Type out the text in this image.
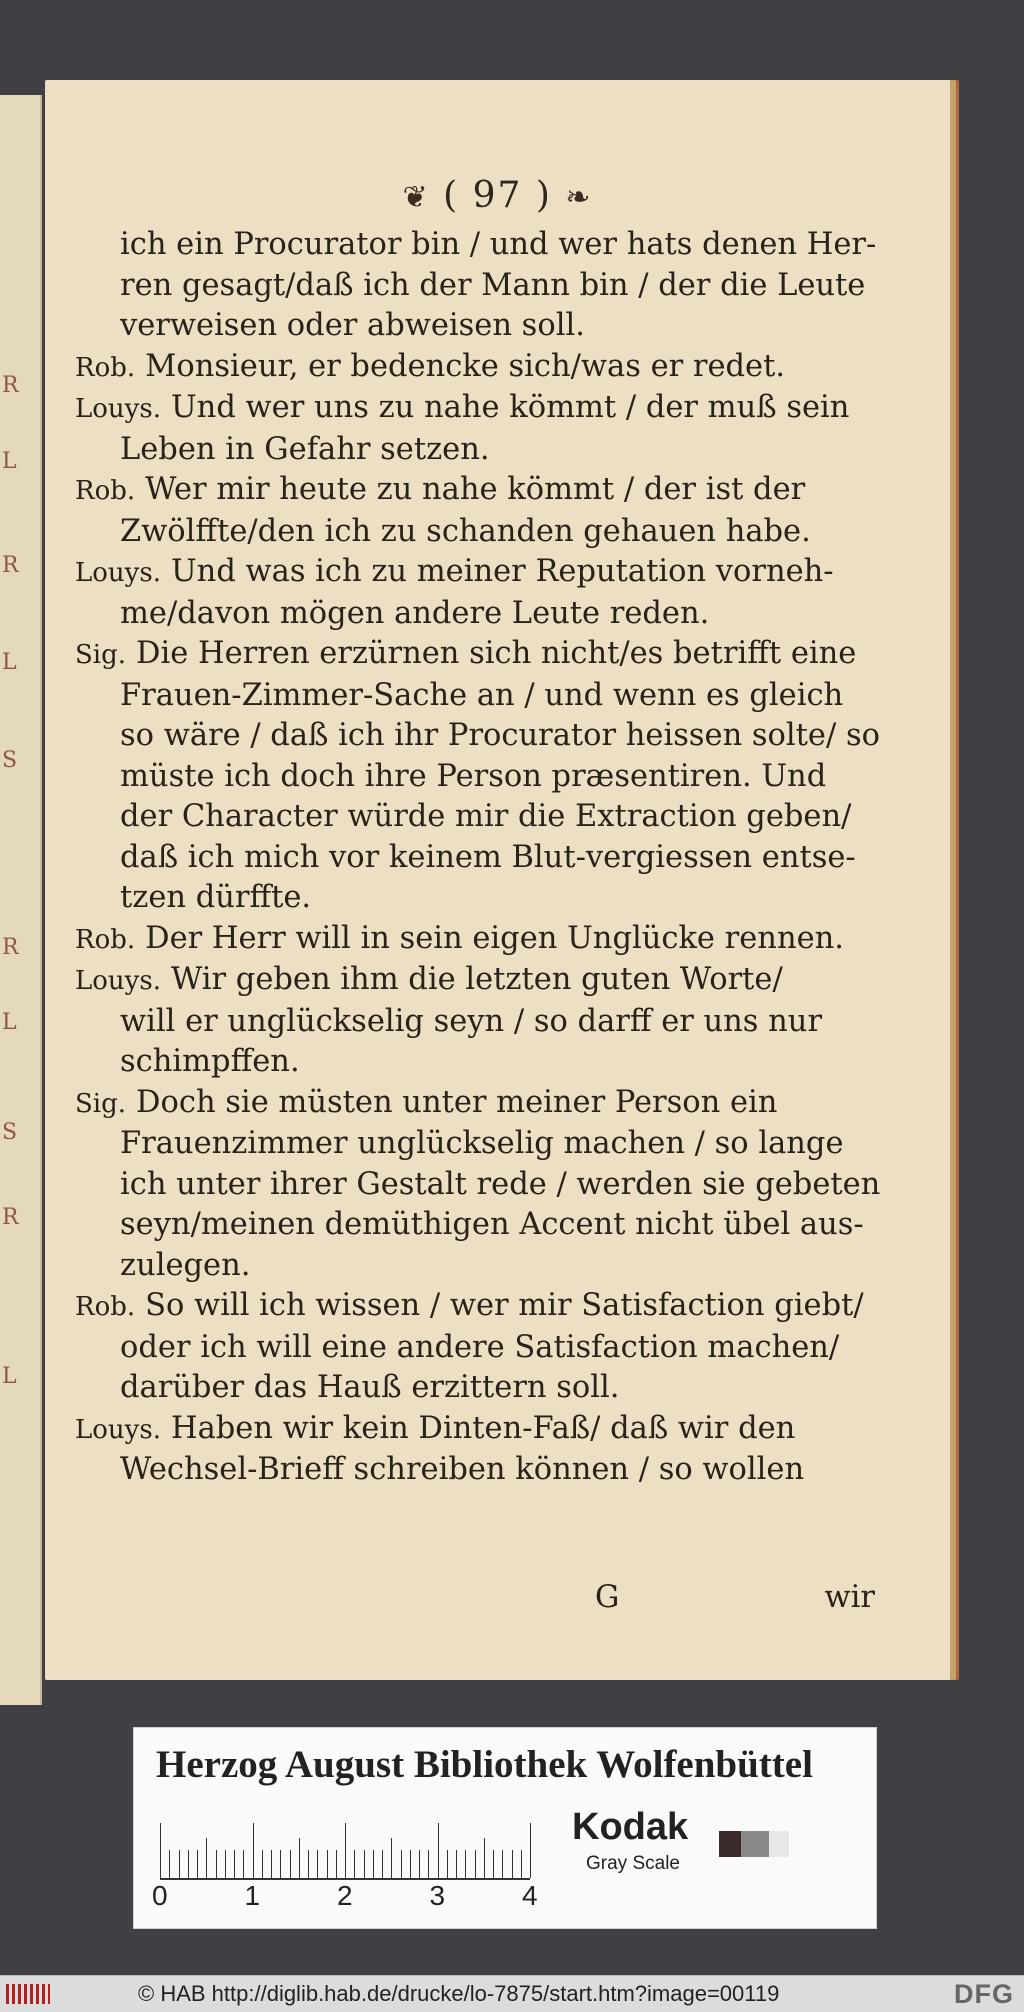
R
L
R
L
S
R
L
S
R
L
❦ ( 97 ) ❧
ich ein Procurator bin / und wer hats denen Her-
ren gesagt/daß ich der Mann bin / der die Leute
verweisen oder abweisen soll.
Rob. Monsieur, er bedencke sich/was er redet.
Louys. Und wer uns zu nahe kömmt / der muß sein
Leben in Gefahr setzen.
Rob. Wer mir heute zu nahe kömmt / der ist der
Zwölffte/den ich zu schanden gehauen habe.
Louys. Und was ich zu meiner Reputation vorneh-
me/davon mögen andere Leute reden.
Sig. Die Herren erzürnen sich nicht/es betrifft eine
Frauen-Zimmer-Sache an / und wenn es gleich
so wäre / daß ich ihr Procurator heissen solte/ so
müste ich doch ihre Person præsentiren. Und
der Character würde mir die Extraction geben/
daß ich mich vor keinem Blut-vergiessen entse-
tzen dürffte.
Rob. Der Herr will in sein eigen Unglücke rennen.
Louys. Wir geben ihm die letzten guten Worte/
will er unglückselig seyn / so darff er uns nur
schimpffen.
Sig. Doch sie müsten unter meiner Person ein
Frauenzimmer unglückselig machen / so lange
ich unter ihrer Gestalt rede / werden sie gebeten
seyn/meinen demüthigen Accent nicht übel aus-
zulegen.
Rob. So will ich wissen / wer mir Satisfaction giebt/
oder ich will eine andere Satisfaction machen/
darüber das Hauß erzittern soll.
Louys. Haben wir kein Dinten-Faß/ daß wir den
Wechsel-Brieff schreiben können / so wollen
G	wir
Herzog August Bibliothek Wolfenbüttel
0	1	2	3	4
Kodak
Gray Scale
© HAB http://diglib.hab.de/drucke/lo-7875/start.htm?image=00119	DFG
